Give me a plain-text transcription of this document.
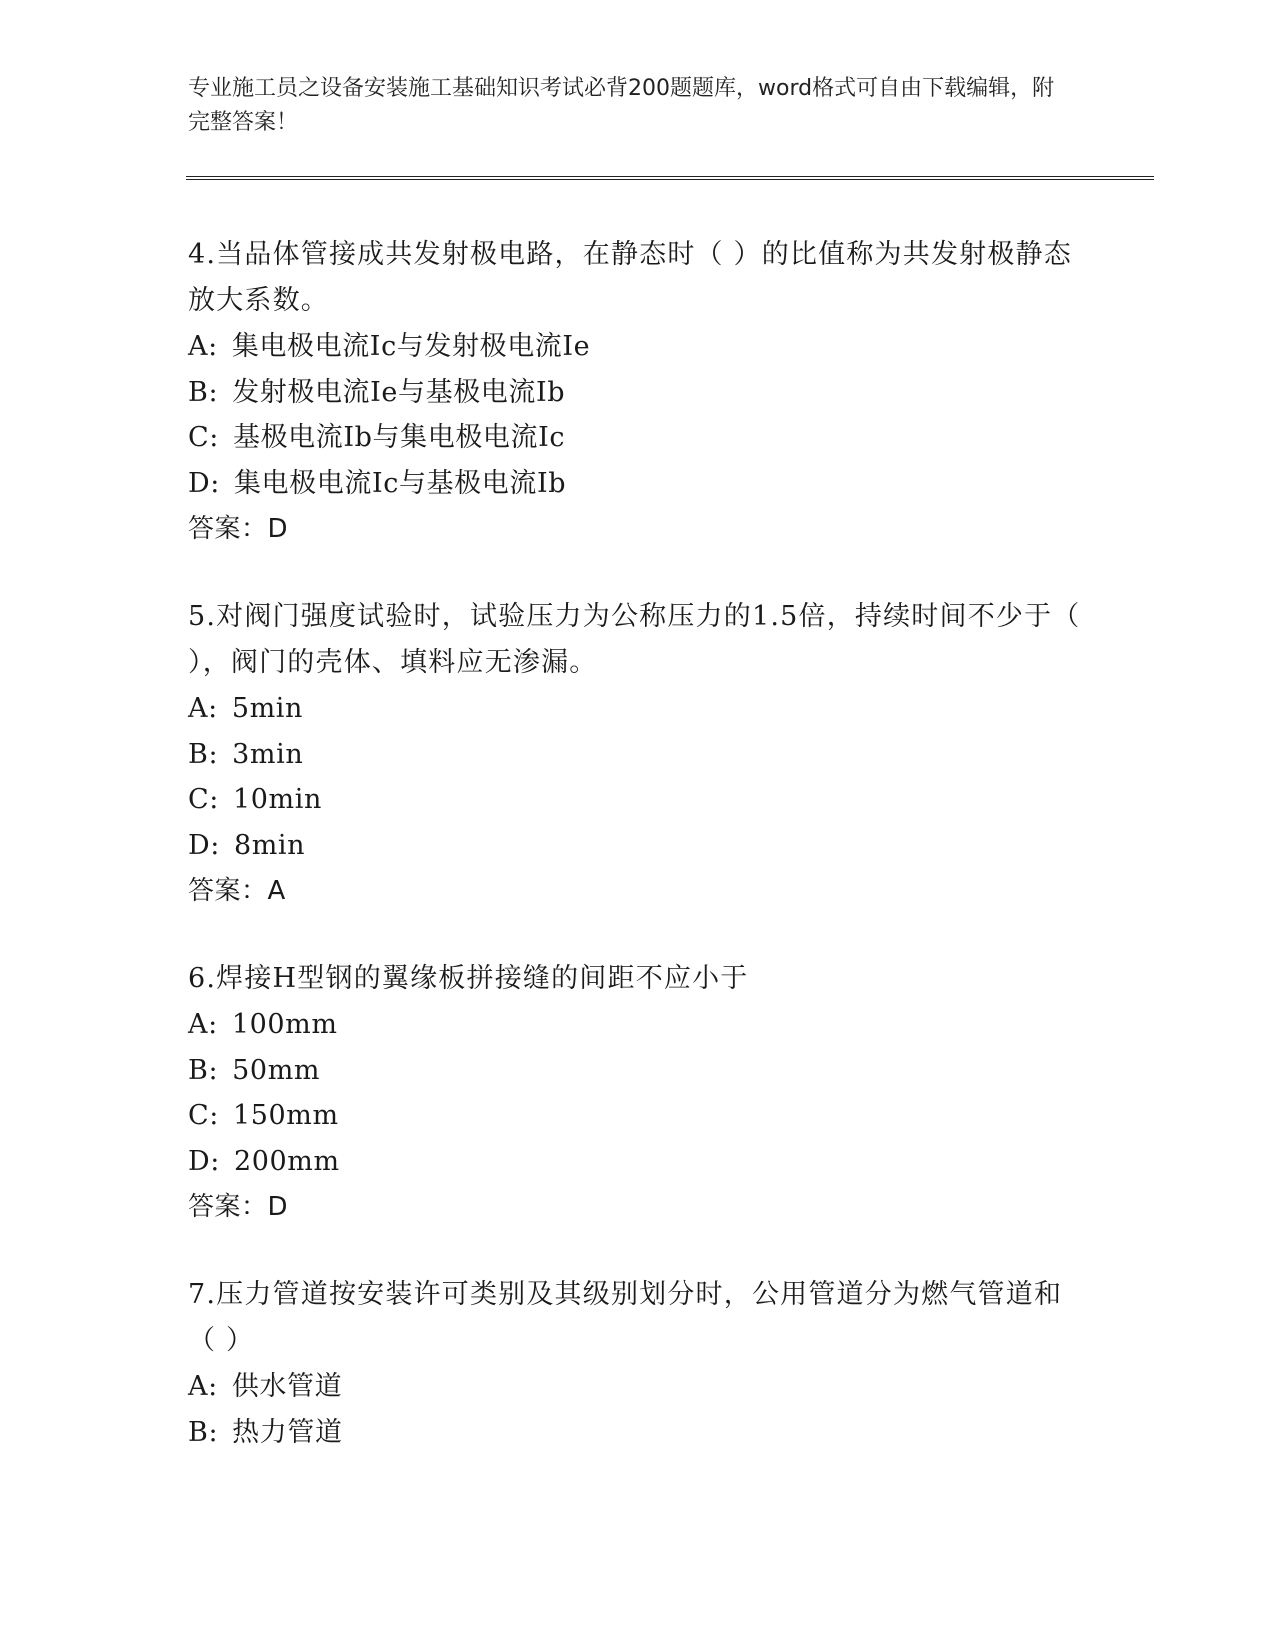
专业施工员之设备安装施工基础知识考试必背200题题库，word格式可自由下载编辑，附完整答案！
4.当品体管接成共发射极电路，在静态时（ ）的比值称为共发射极静态放大系数。
A: 集电极电流Ic与发射极电流Ie
B: 发射极电流Ie与基极电流Ib
C: 基极电流Ib与集电极电流Ic
D: 集电极电流Ic与基极电流Ib
答案：D
5.对阀门强度试验时，试验压力为公称压力的1.5倍，持续时间不少于（ ），阀门的壳体、填料应无渗漏。
A: 5min
B: 3min
C: 10min
D: 8min
答案：A
6.焊接H型钢的翼缘板拼接缝的间距不应小于
A: 100mm
B: 50mm
C: 150mm
D: 200mm
答案：D
7.压力管道按安装许可类别及其级别划分时，公用管道分为燃气管道和（ ）
A: 供水管道
B: 热力管道
